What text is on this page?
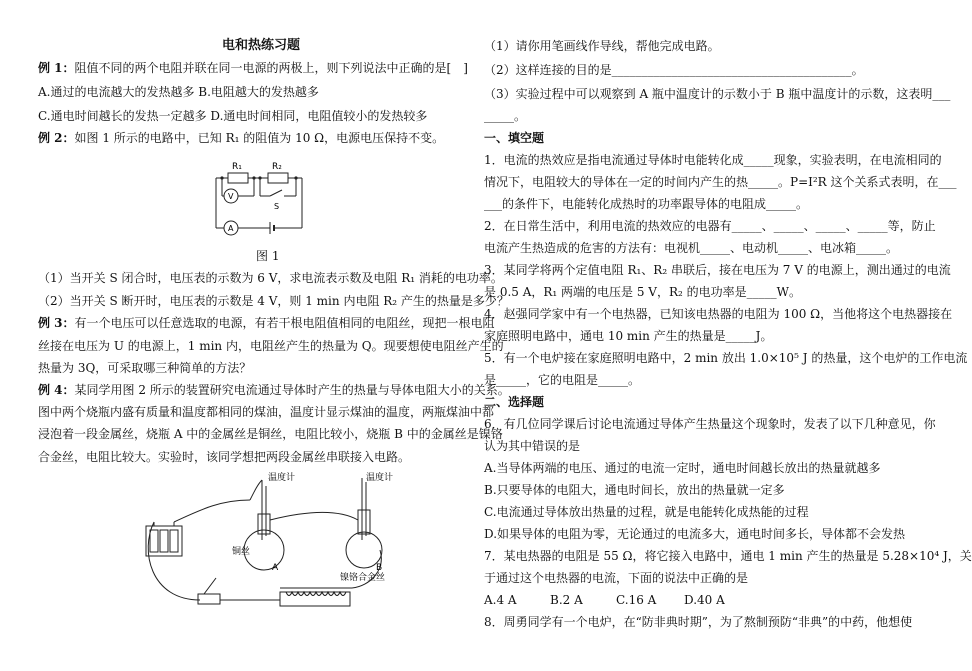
电和热练习题
例 1：阻值不同的两个电阻并联在同一电源的两极上，则下列说法中正确的是[　]
A.通过的电流越大的发热越多 B.电阻越大的发热越多
C.通电时间越长的发热一定越多 D.通电时间相同，电阻值较小的发热较多
例 2：如图 1 所示的电路中，已知 R₁ 的阻值为 10 Ω，电源电压保持不变。
R₁	R₂
V
A
S
图 1
（1）当开关 S 闭合时，电压表的示数为 6 V，求电流表示数及电阻 R₁ 消耗的电功率。
（2）当开关 S 断开时，电压表的示数是 4 V，则 1 min 内电阻 R₂ 产生的热量是多少？
例 3：有一个电压可以任意选取的电源，有若干根电阻值相同的电阻丝，现把一根电阻
丝接在电压为 U 的电源上，1 min 内，电阻丝产生的热量为 Q。现要想使电阻丝产生的
热量为 3Q，可采取哪三种简单的方法？
例 4：某同学用图 2 所示的装置研究电流通过导体时产生的热量与导体电阻大小的关系。
图中两个烧瓶内盛有质量和温度都相同的煤油，温度计显示煤油的温度，两瓶煤油中都
浸泡着一段金属丝，烧瓶 A 中的金属丝是铜丝，电阻比较小，烧瓶 B 中的金属丝是镍铬
合金丝，电阻比较大。实验时，该同学想把两段金属丝串联接入电路。
温度计	温度计
铜丝
A	B
镍铬合金丝
（1）请你用笔画线作导线，帮他完成电路。
（2）这样连接的目的是________________________________________。
（3）实验过程中可以观察到 A 瓶中温度计的示数小于 B 瓶中温度计的示数，这表明___
_____。
一、填空题
1．电流的热效应是指电流通过导体时电能转化成_____现象，实验表明，在电流相同的
情况下，电阻较大的导体在一定的时间内产生的热_____。P=I²R 这个关系式表明，在___
___的条件下，电能转化成热时的功率跟导体的电阻成_____。
2．在日常生活中，利用电流的热效应的电器有_____、_____、_____、_____等，防止
电流产生热造成的危害的方法有：电视机_____、电动机_____、电冰箱_____。
3．某同学将两个定值电阻 R₁、R₂ 串联后，接在电压为 7 V 的电源上，测出通过的电流
是 0.5 A，R₁ 两端的电压是 5 V，R₂ 的电功率是_____W。
4．赵强同学家中有一个电热器，已知该电热器的电阻为 100 Ω，当他将这个电热器接在
家庭照明电路中，通电 10 min 产生的热量是_____J。
5．有一个电炉接在家庭照明电路中，2 min 放出 1.0×10⁵ J 的热量，这个电炉的工作电流
是_____，它的电阻是_____。
二、选择题
6．有几位同学课后讨论电流通过导体产生热量这个现象时，发表了以下几种意见，你
认为其中错误的是
A.当导体两端的电压、通过的电流一定时，通电时间越长放出的热量就越多
B.只要导体的电阻大，通电时间长，放出的热量就一定多
C.电流通过导体放出热量的过程，就是电能转化成热能的过程
D.如果导体的电阻为零，无论通过的电流多大，通电时间多长，导体都不会发热
7．某电热器的电阻是 55 Ω，将它接入电路中，通电 1 min 产生的热量是 5.28×10⁴ J，关
于通过这个电热器的电流，下面的说法中正确的是
A.4 A	B.2 A	C.16 A D.40 A
8．周勇同学有一个电炉，在“防非典时期”，为了熬制预防“非典”的中药，他想使
